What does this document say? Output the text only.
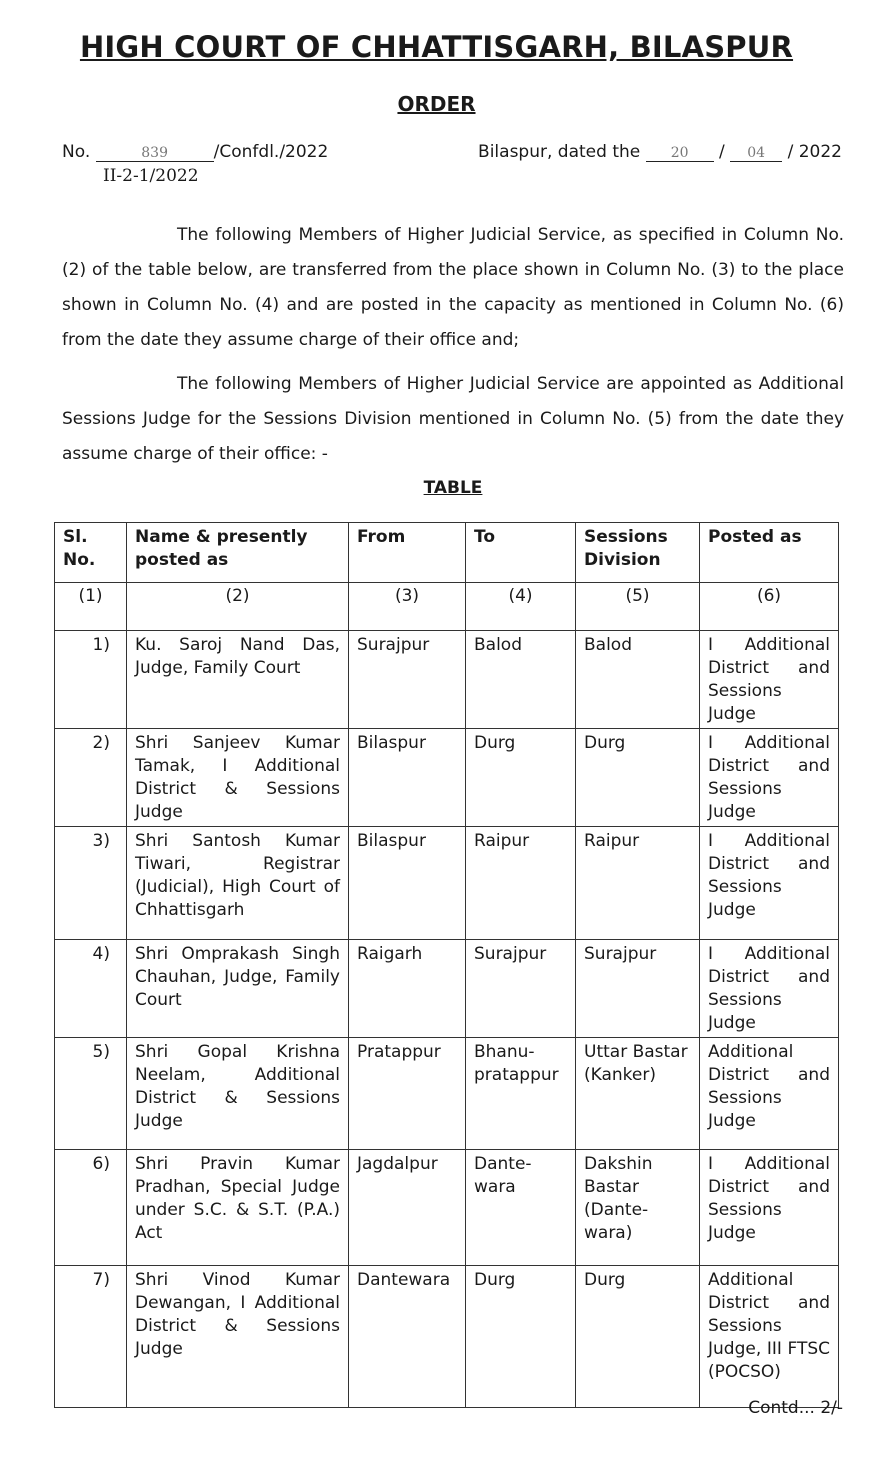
HIGH COURT OF CHHATTISGARH, BILASPUR
ORDER
No.	839	/Confdl./2022	Bilaspur, dated the 20 / 04 / 2022
II-2-1/2022
The following Members of Higher Judicial Service, as specified in Column No. (2) of the table below, are transferred from the place shown in Column No. (3) to the place shown in Column No. (4) and are posted in the capacity as mentioned in Column No. (6) from the date they assume charge of their office and;
The following Members of Higher Judicial Service are appointed as Additional Sessions Judge for the Sessions Division mentioned in Column No. (5) from the date they assume charge of their office: -
TABLE
Sl. No.	Name & presently posted as	From	To	Sessions Division	Posted as
(1)	(2)	(3)	(4)	(5)	(6)
1)	Ku. Saroj Nand Das, Judge, Family Court	Surajpur	Balod	Balod	I Additional District and Sessions Judge
2)	Shri Sanjeev Kumar Tamak, I Additional District & Sessions Judge	Bilaspur	Durg	Durg	I Additional District and Sessions Judge
3)	Shri Santosh Kumar Tiwari, Registrar (Judicial), High Court of Chhattisgarh	Bilaspur	Raipur	Raipur	I Additional District and Sessions Judge
4)	Shri Omprakash Singh Chauhan, Judge, Family Court	Raigarh	Surajpur	Surajpur	I Additional District and Sessions Judge
5)	Shri Gopal Krishna Neelam, Additional District & Sessions Judge	Pratappur	Bhanu-pratappur	Uttar Bastar (Kanker)	Additional District and Sessions Judge
6)	Shri Pravin Kumar Pradhan, Special Judge under S.C. & S.T. (P.A.) Act	Jagdalpur	Dante-wara	Dakshin Bastar (Dante-wara)	I Additional District and Sessions Judge
7)	Shri Vinod Kumar Dewangan, I Additional District & Sessions Judge	Dantewara	Durg	Durg	Additional District and Sessions Judge, III FTSC (POCSO)
Contd... 2/-
